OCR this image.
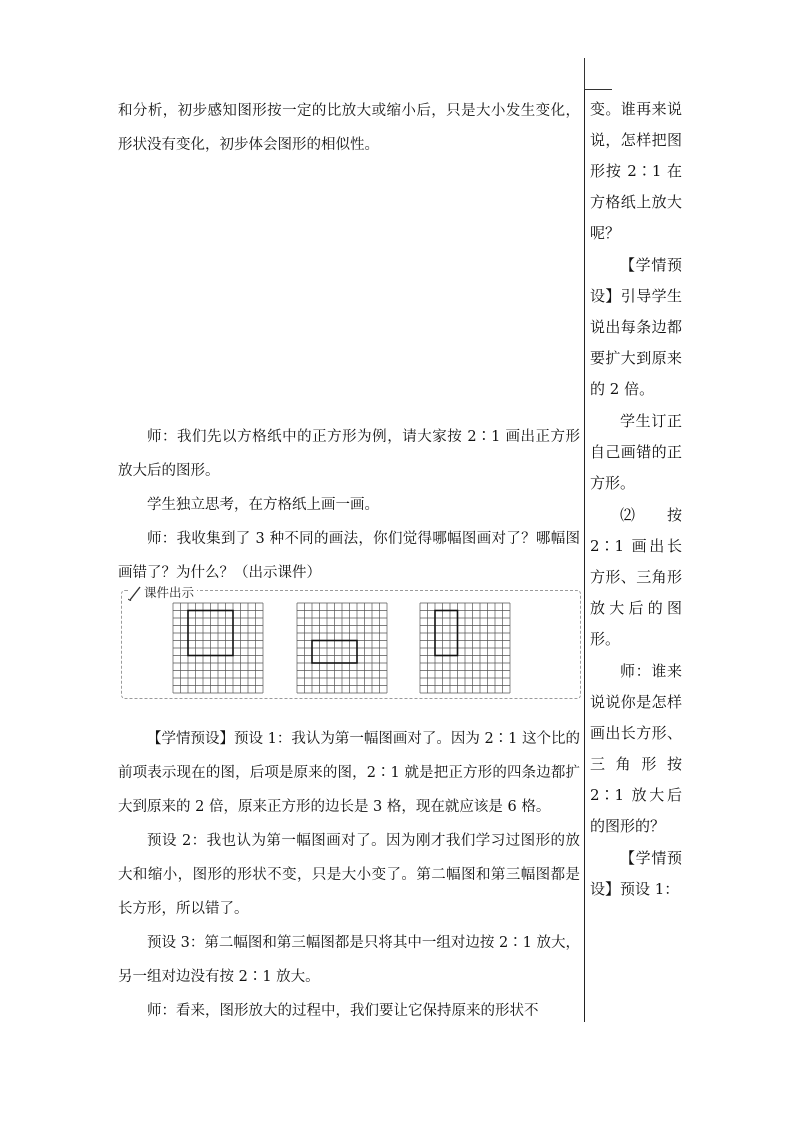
和分析，初步感知图形按一定的比放大或缩小后，只是大小发生变化，形状没有变化，初步体会图形的相似性。

师：我们先以方格纸中的正方形为例，请大家按 2∶1 画出正方形放大后的图形。

学生独立思考，在方格纸上画一画。

师：我收集到了 3 种不同的画法，你们觉得哪幅图画对了？哪幅图画错了？为什么？（出示课件）

【学情预设】预设 1：我认为第一幅图画对了。因为 2∶1 这个比的前项表示现在的图，后项是原来的图，2∶1 就是把正方形的四条边都扩大到原来的 2 倍，原来正方形的边长是 3 格，现在就应该是 6 格。

预设 2：我也认为第一幅图画对了。因为刚才我们学习过图形的放大和缩小，图形的形状不变，只是大小变了。第二幅图和第三幅图都是长方形，所以错了。

预设 3：第二幅图和第三幅图都是只将其中一组对边按 2∶1 放大，另一组对边没有按 2∶1 放大。

师：看来，图形放大的过程中，我们要让它保持原来的形状不

课件出示

变。谁再来说说，怎样把图形按 2∶1 在方格纸上放大呢？

【学情预设】引导学生说出每条边都要扩大到原来的 2 倍。

学生订正自己画错的正方形。

⑵ 按 2∶1 画出长方形、三角形放大后的图形。

师：谁来说说你是怎样画出长方形、三角形按 2∶1 放大后的图形的？

【学情预设】预设 1：
